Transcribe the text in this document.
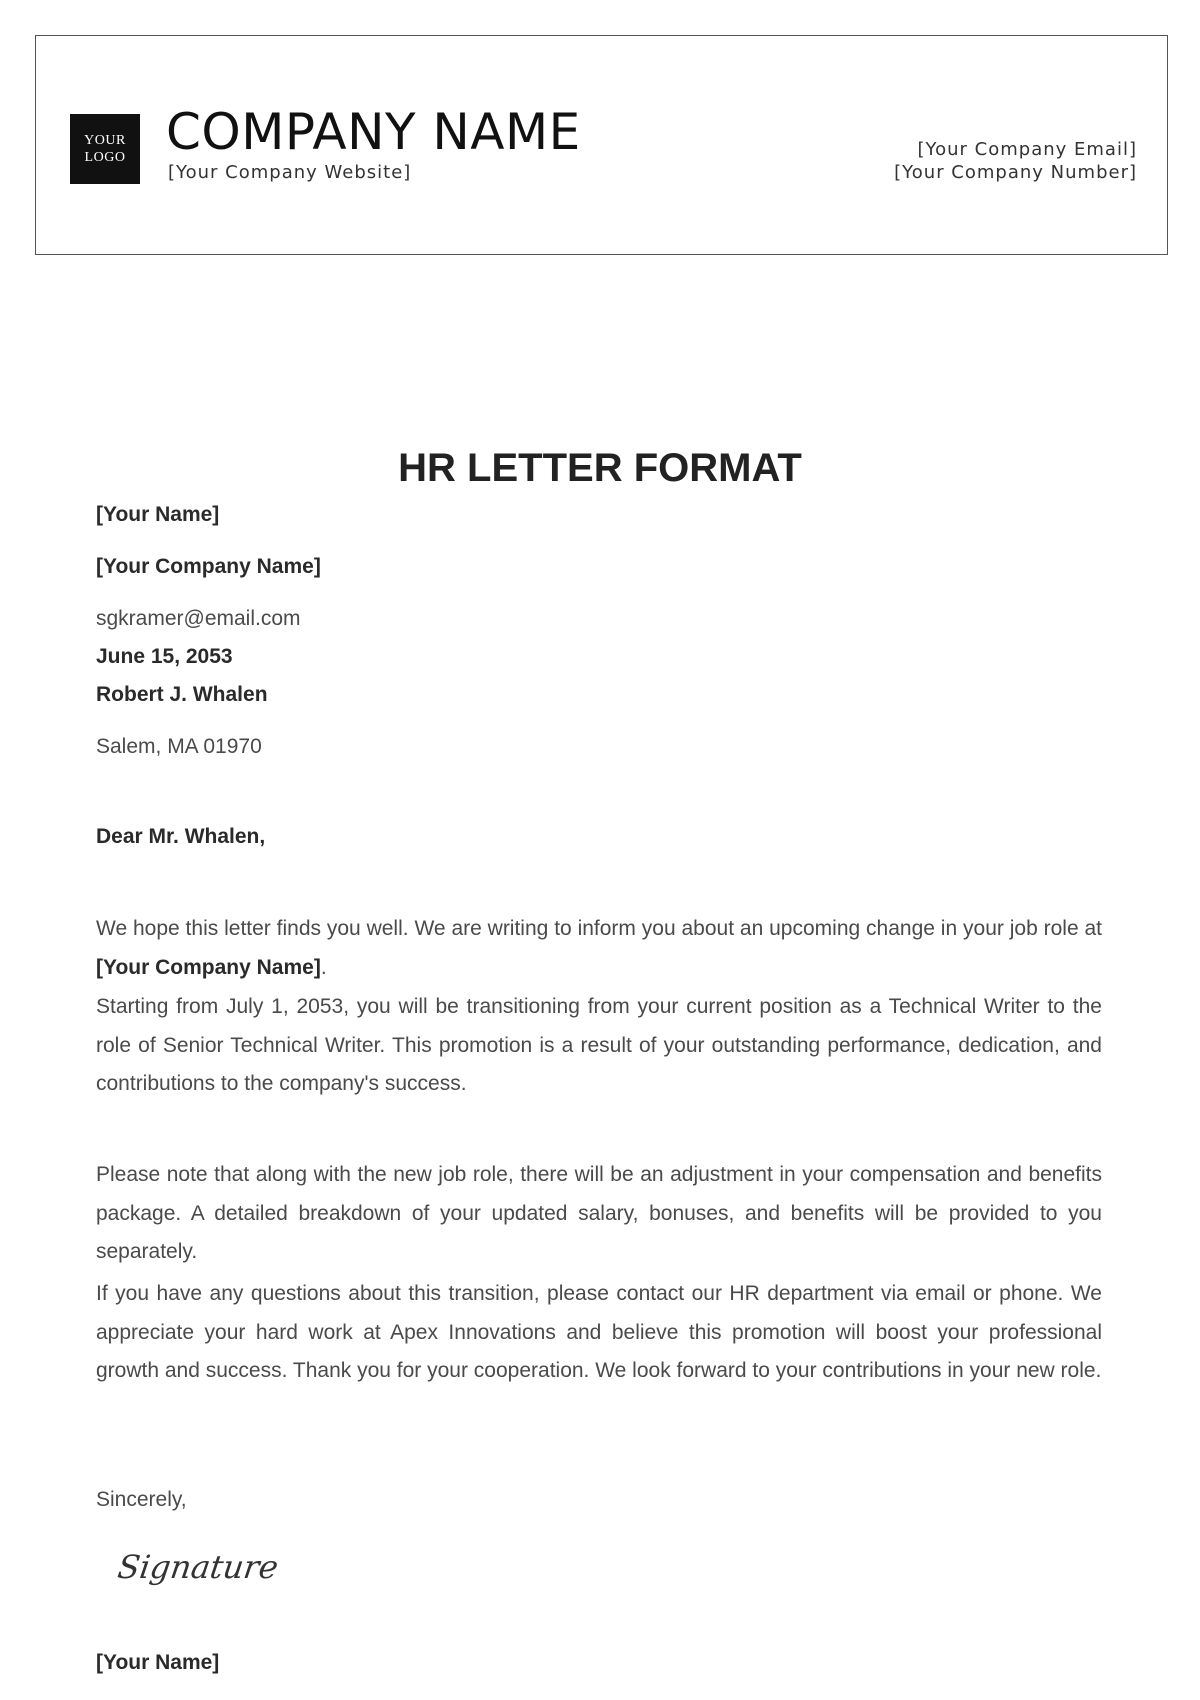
YOUR
LOGO COMPANY NAME
[Your Company Website]
[Your Company Email]
[Your Company Number]
HR LETTER FORMAT
[Your Name]
[Your Company Name]
sgkramer@email.com
June 15, 2053
Robert J. Whalen
Salem, MA 01970
Dear Mr. Whalen,

We hope this letter finds you well. We are writing to inform you about an upcoming change in your job role at [Your Company Name].

Starting from July 1, 2053, you will be transitioning from your current position as a Technical Writer to the role of Senior Technical Writer. This promotion is a result of your outstanding performance, dedication, and contributions to the company's success.

Please note that along with the new job role, there will be an adjustment in your compensation and benefits package. A detailed breakdown of your updated salary, bonuses, and benefits will be provided to you separately.

If you have any questions about this transition, please contact our HR department via email or phone. We appreciate your hard work at Apex Innovations and believe this promotion will boost your professional growth and success. Thank you for your cooperation. We look forward to your contributions in your new role.

Sincerely,
Signature
[Your Name]
